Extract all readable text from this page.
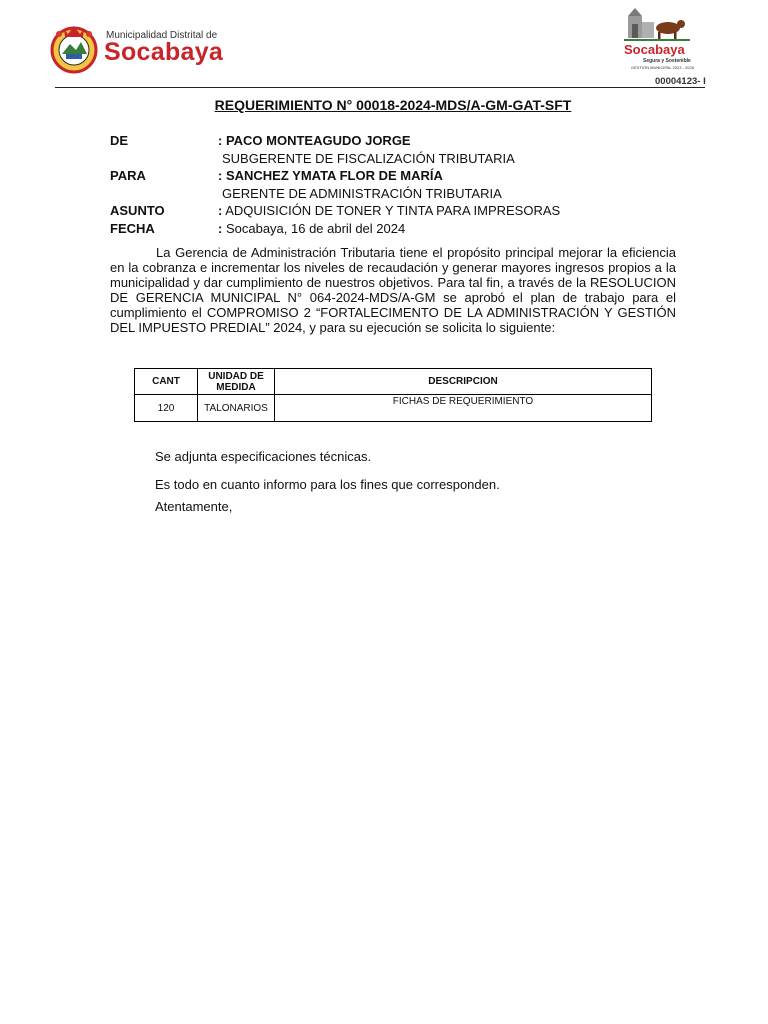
Municipalidad Distrital de
Socabaya	Socabaya
Segura y Sostenible
GESTIÓN MUNICIPAL 2023 - 2026
00004123- I
REQUERIMIENTO N° 00018-2024-MDS/A-GM-GAT-SFT
DE	: PACO MONTEAGUDO JORGE
SUBGERENTE DE FISCALIZACIÓN TRIBUTARIA
PARA	: SANCHEZ YMATA FLOR DE MARÍA
GERENTE DE ADMINISTRACIÓN TRIBUTARIA
ASUNTO	: ADQUISICIÓN DE TONER Y TINTA PARA IMPRESORAS
FECHA	: Socabaya, 16 de abril del 2024

La Gerencia de Administración Tributaria tiene el propósito principal mejorar la eficiencia en la cobranza e incrementar los niveles de recaudación y generar mayores ingresos propios a la municipalidad y dar cumplimiento de nuestros objetivos. Para tal fin, a través de la RESOLUCION DE GERENCIA MUNICIPAL N° 064-2024-MDS/A-GM se aprobó el plan de trabajo para el cumplimiento el COMPROMISO 2 “FORTALECIMENTO DE LA ADMINISTRACIÓN Y GESTIÓN DEL IMPUESTO PREDIAL” 2024, y para su ejecución se solicita lo siguiente:

CANT	UNIDAD DE MEDIDA	DESCRIPCION
120	TALONARIOS	FICHAS DE REQUERIMIENTO
Se adjunta especificaciones técnicas.
Es todo en cuanto informo para los fines que corresponden.
Atentamente,
